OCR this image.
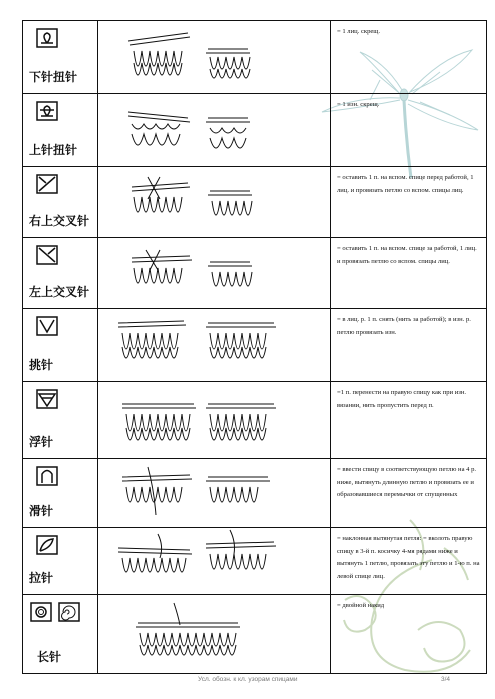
下针扭针		= 1 лиц. скрещ.

上针扭针		= 1 изн. скрещ.

右上交叉针		= оставить 1 п. на вспом. спице перед работой, 1 лиц. и провязать петлю со вспом. спицы лиц.

左上交叉针		= оставить 1 п. на вспом. спице за работой, 1 лиц. и провязать петлю со вспом. спицы лиц.

挑针		= в лиц. р. 1 п. снять (нить за работой); в изн. р. петлю провязать изн.

浮针		=1 п. перенести на правую спицу как при изн. вязании, нить пропустить перед п.

滑针		= ввести спицу в соответствующую петлю на 4 р. ниже, вытянуть длинную петлю и провязать ее и образовавшиеся перемычки от спущенных

拉针		= наклонная вытянутая петля: = вколоть правую спицу в 3-й п. косичку 4-мя рядами ниже и вытянуть 1 петлю, провязать эту петлю и 1-ю п. на левой спице лиц.

长针		= двойной накид
Усл. обозн. к кл. узорам спицами	3/4
